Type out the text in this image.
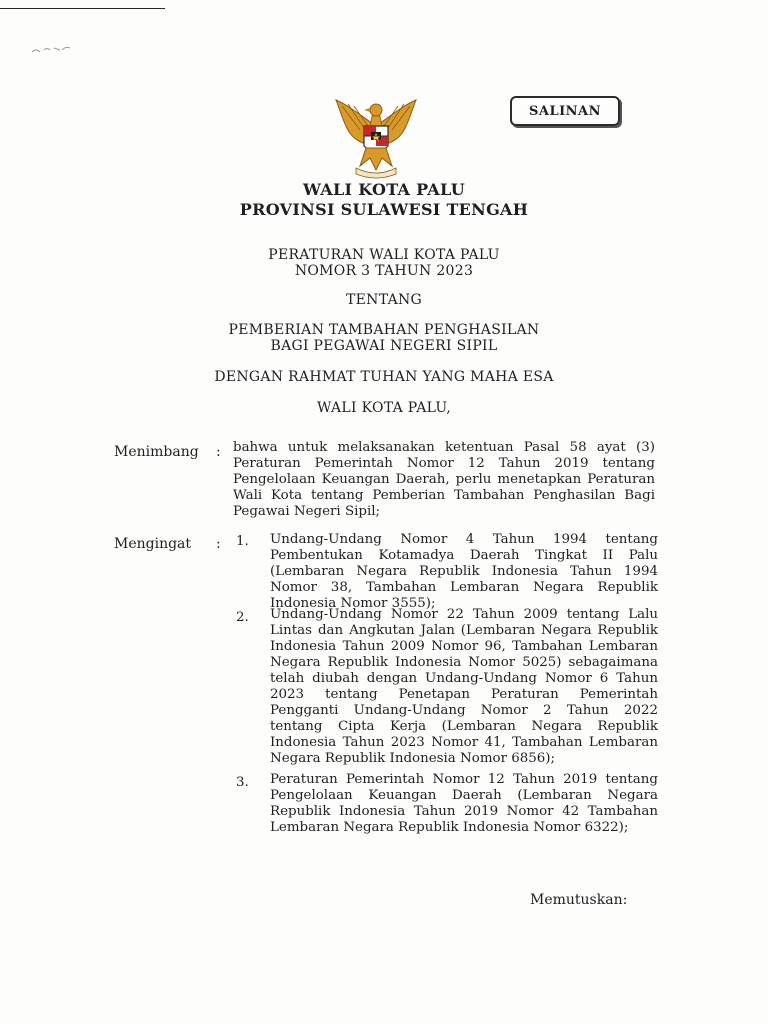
SALINAN
WALI KOTA PALU
PROVINSI SULAWESI TENGAH
PERATURAN WALI KOTA PALU
NOMOR 3 TAHUN 2023
TENTANG
PEMBERIAN TAMBAHAN PENGHASILAN
BAGI PEGAWAI NEGERI SIPIL
DENGAN RAHMAT TUHAN YANG MAHA ESA
WALI KOTA PALU,
Menimbang : bahwa untuk melaksanakan ketentuan Pasal 58 ayat (3) Peraturan Pemerintah Nomor 12 Tahun 2019 tentang Pengelolaan Keuangan Daerah, perlu menetapkan Peraturan Wali Kota tentang Pemberian Tambahan Penghasilan Bagi Pegawai Negeri Sipil;
Mengingat : 1. Undang-Undang Nomor 4 Tahun 1994 tentang Pembentukan Kotamadya Daerah Tingkat II Palu (Lembaran Negara Republik Indonesia Tahun 1994 Nomor 38, Tambahan Lembaran Negara Republik Indonesia Nomor 3555);
2. Undang-Undang Nomor 22 Tahun 2009 tentang Lalu Lintas dan Angkutan Jalan (Lembaran Negara Republik Indonesia Tahun 2009 Nomor 96, Tambahan Lembaran Negara Republik Indonesia Nomor 5025) sebagaimana telah diubah dengan Undang-Undang Nomor 6 Tahun 2023 tentang Penetapan Peraturan Pemerintah Pengganti Undang-Undang Nomor 2 Tahun 2022 tentang Cipta Kerja (Lembaran Negara Republik Indonesia Tahun 2023 Nomor 41, Tambahan Lembaran Negara Republik Indonesia Nomor 6856);
3. Peraturan Pemerintah Nomor 12 Tahun 2019 tentang Pengelolaan Keuangan Daerah (Lembaran Negara Republik Indonesia Tahun 2019 Nomor 42 Tambahan Lembaran Negara Republik Indonesia Nomor 6322);
Memutuskan:
